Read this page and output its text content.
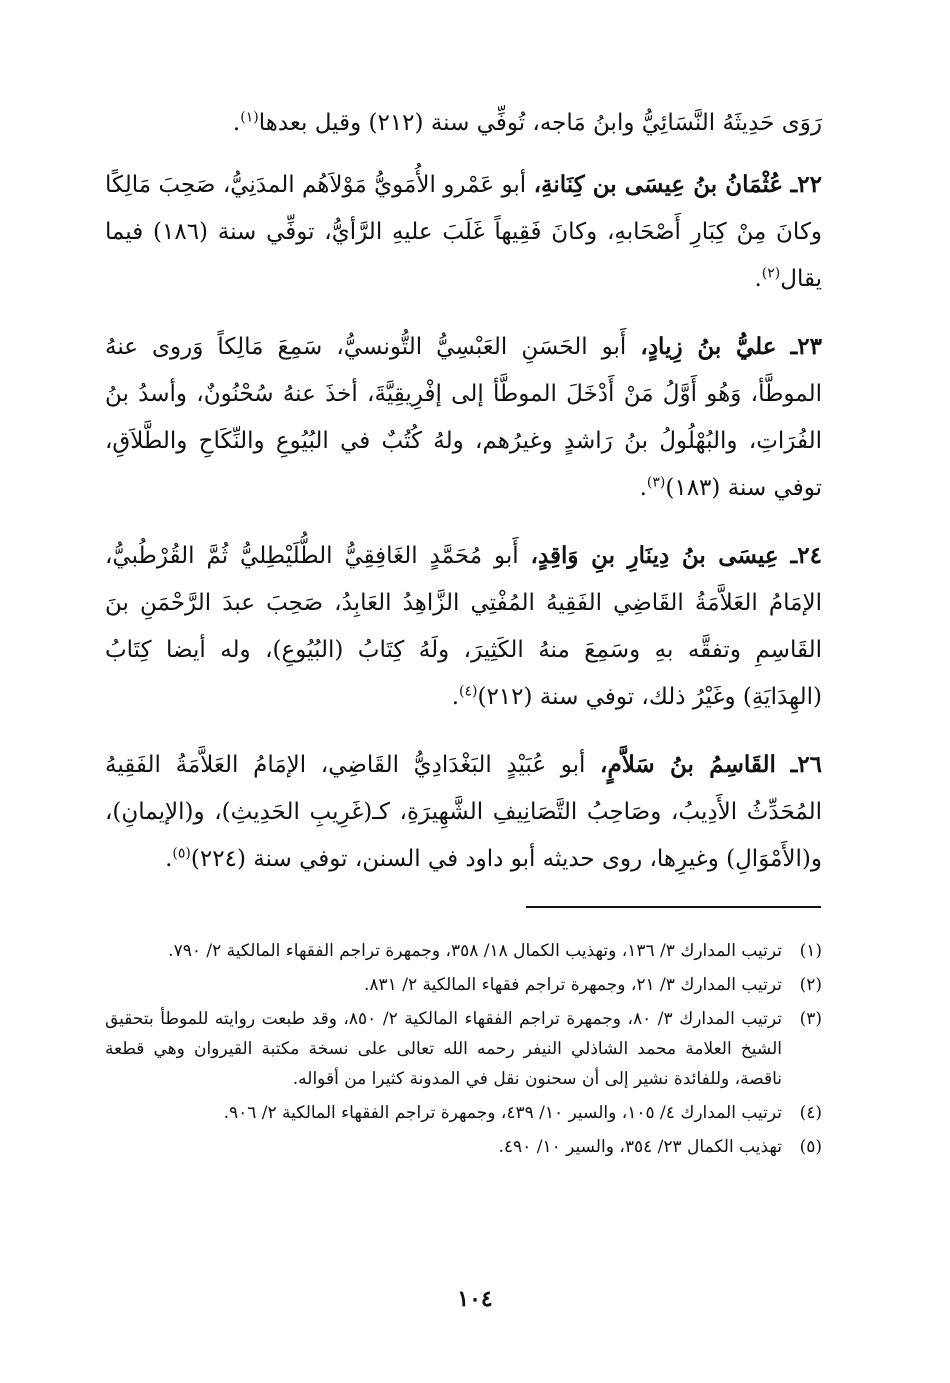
رَوَى حَدِيثَهُ النَّسَائِيُّ وابنُ مَاجه، تُوفِّي سنة (٢١٢) وقيل بعدها$^{(١)}$.

٢٢ـ عُثْمَانُ بنُ عِيسَى بن كِنَانةِ، أبو عَمْرو الأُمَويُّ مَوْلاَهُم المدَنِيُّ، صَحِبَ مَالِكًا وكانَ مِنْ كِبَارِ أَصْحَابهِ، وكانَ فَقِيهاً غَلَبَ عليهِ الرَّأيُّ، توفِّي سنة (١٨٦) فيما يقال$^{(٢)}$.

٢٣ـ عليُّ بنُ زِيادٍ، أَبو الحَسَنِ العَبْسِيُّ التُّونسيُّ، سَمِعَ مَالِكاً وَروى عنهُ الموطَّأ، وَهُو أَوَّلُ مَنْ أَدْخَلَ الموطَّأ إلى إفْرِيقِيَّةَ، أخذَ عنهُ سُحْنُونٌ، وأسدُ بنُ الفُرَاتِ، والبُهْلُولُ بنُ رَاشدٍ وغيرُهم، ولهُ كُتُبٌ في البُيُوعِ والنِّكَاحِ والطَّلاَقِ، توفي سنة (١٨٣)$^{(٣)}$.

٢٤ـ عِيسَى بنُ دِينَارِ بنِ وَاقِدٍ، أَبو مُحَمَّدٍ الغَافِقِيُّ الطُّلَيْطِليُّ ثُمَّ القُرْطُبيُّ، الإمَامُ العَلاَّمَةُ القَاضِي الفَقِيهُ المُفْتِي الزَّاهِدُ العَابِدُ، صَحِبَ عبدَ الرَّحْمَنِ بنَ القَاسِمِ وتفقَّه بهِ وسَمِعَ منهُ الكَثِيرَ، ولَهُ كِتَابُ (البُيُوعِ)، وله أيضا كِتَابُ (الهِدَايَةِ) وغَيْرُ ذلك، توفي سنة (٢١٢)$^{(٤)}$.

٢٦ـ القَاسِمُ بنُ سَلاَّمٍ، أبو عُبَيْدٍ البَغْدَادِيُّ القَاضِي، الإمَامُ العَلاَّمَةُ الفَقِيهُ المُحَدِّثُ الأَدِيبُ، وصَاحِبُ التَّصَانِيفِ الشَّهِيرَةِ، كـ(غَرِيبِ الحَدِيثِ)، و(الإيمانِ)، و(الأَمْوَالِ) وغيرِها، روى حديثه أبو داود في السنن، توفي سنة (٢٢٤)$^{(٥)}$.

(١)
ترتيب المدارك ٣/ ١٣٦، وتهذيب الكمال ١٨/ ٣٥٨، وجمهرة تراجم الفقهاء المالكية ٢/ ٧٩٠.
(٢)
ترتيب المدارك ٣/ ٢١، وجمهرة تراجم فقهاء المالكية ٢/ ٨٣١.
(٣)
ترتيب المدارك ٣/ ٨٠، وجمهرة تراجم الفقهاء المالكية ٢/ ٨٥٠، وقد طبعت روايته للموطأ بتحقيق الشيخ العلامة محمد الشاذلي النيفر رحمه الله تعالى على نسخة مكتبة القيروان وهي قطعة ناقصة، وللفائدة نشير إلى أن سحنون نقل في المدونة كثيرا من أقواله.
(٤)
ترتيب المدارك ٤/ ١٠٥، والسير ١٠/ ٤٣٩، وجمهرة تراجم الفقهاء المالكية ٢/ ٩٠٦.
(٥)
تهذيب الكمال ٢٣/ ٣٥٤، والسير ١٠/ ٤٩٠.
١٠٤
